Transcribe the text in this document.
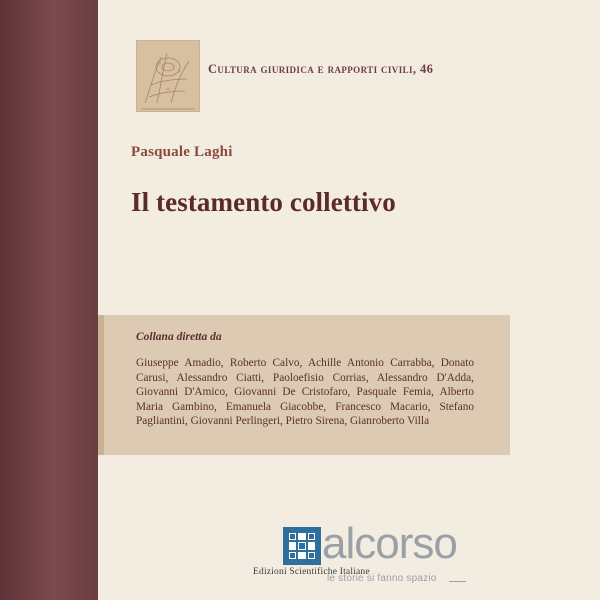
Cultura giuridica e rapporti civili, 46
Pasquale Laghi
Il testamento collettivo
Collana diretta da
Giuseppe Amadio, Roberto Calvo, Achille Antonio Carrabba, Donato Carusi, Alessandro Ciatti, Paoloefisio Corrias, Alessandro D'Adda, Giovanni D'Amico, Giovanni De Cristofaro, Pasquale Femia, Alberto Maria Gambino, Emanuela Giacobbe, Francesco Macario, Stefano Pagliantini, Giovanni Perlingeri, Pietro Sirena, Gianroberto Villa
Edizioni Scientifiche Italiane
alcorso
le storie si fanno spazio
